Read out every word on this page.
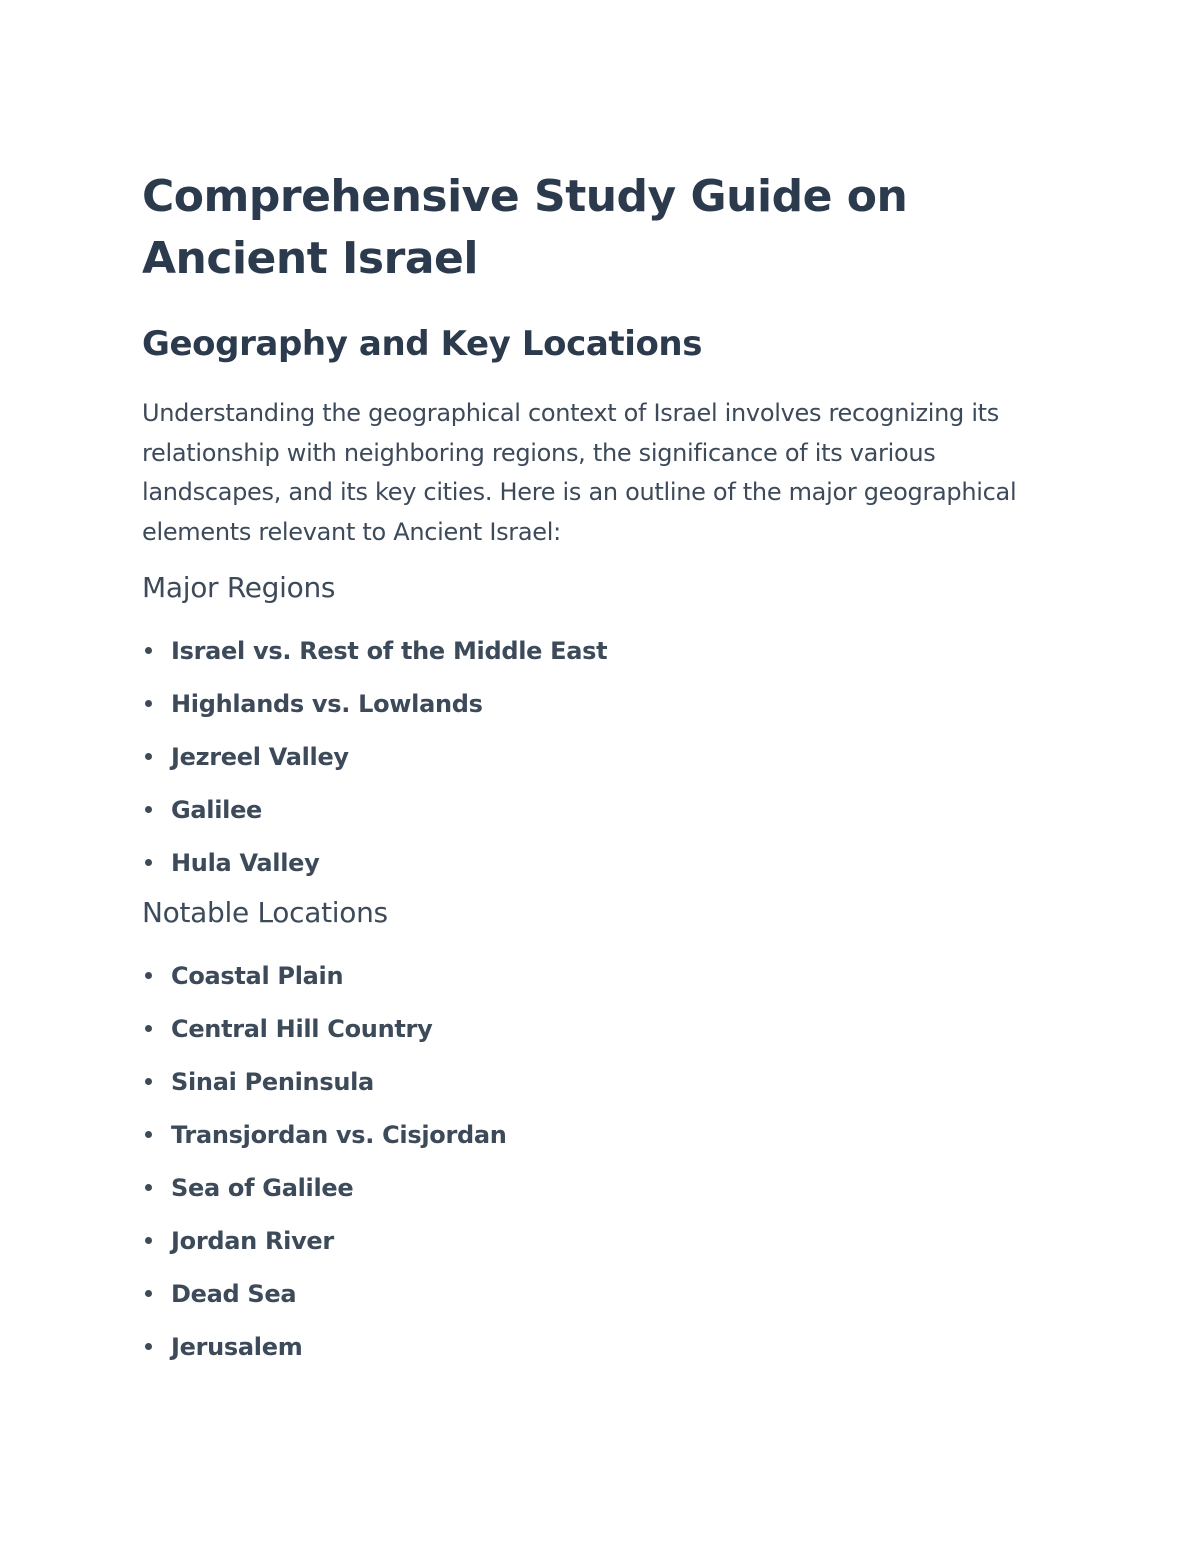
Comprehensive Study Guide on
Ancient Israel
Geography and Key Locations

Understanding the geographical context of Israel involves recognizing its relationship with neighboring regions, the significance of its various landscapes, and its key cities. Here is an outline of the major geographical elements relevant to Ancient Israel:

Major Regions
Israel vs. Rest of the Middle East
Highlands vs. Lowlands
Jezreel Valley
Galilee
Hula Valley
Notable Locations
Coastal Plain
Central Hill Country
Sinai Peninsula
Transjordan vs. Cisjordan
Sea of Galilee
Jordan River
Dead Sea
Jerusalem
